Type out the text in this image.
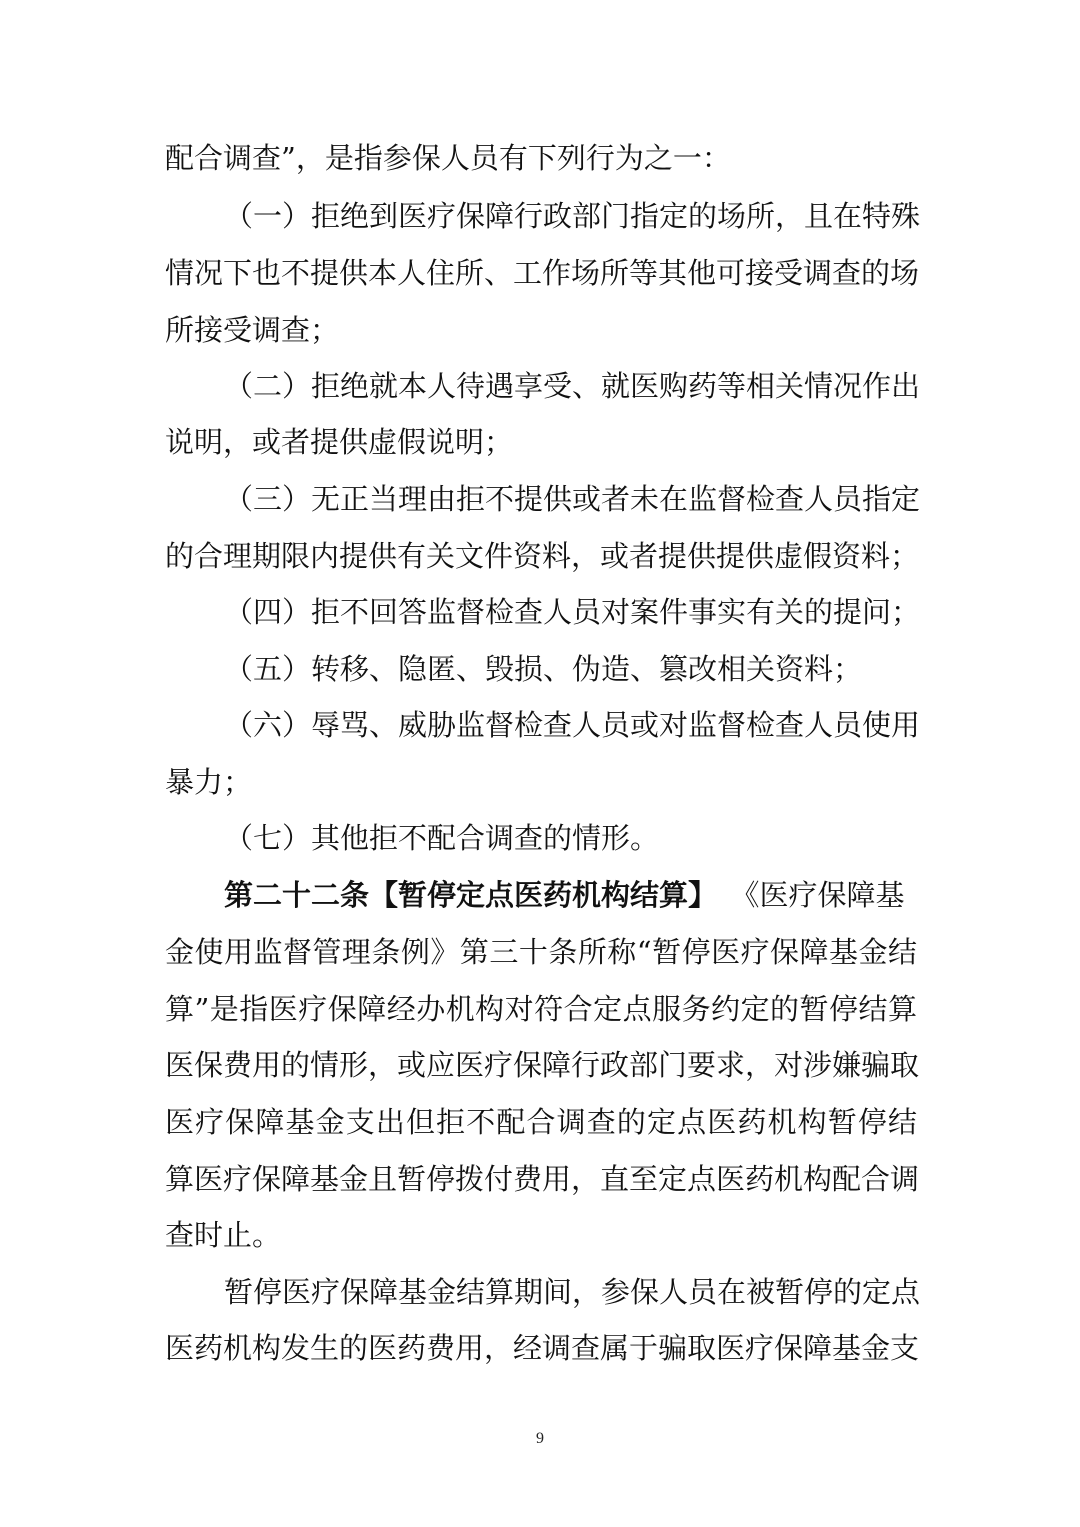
配合调查”，是指参保人员有下列行为之一：
（一）拒绝到医疗保障行政部门指定的场所，且在特殊
情况下也不提供本人住所、工作场所等其他可接受调查的场
所接受调查；
（二）拒绝就本人待遇享受、就医购药等相关情况作出
说明，或者提供虚假说明；
（三）无正当理由拒不提供或者未在监督检查人员指定
的合理期限内提供有关文件资料，或者提供提供虚假资料；
（四）拒不回答监督检查人员对案件事实有关的提问；
（五）转移、隐匿、毁损、伪造、篡改相关资料；
（六）辱骂、威胁监督检查人员或对监督检查人员使用
暴力；
（七）其他拒不配合调查的情形。
第二十二条【暂停定点医药机构结算】 《医疗保障基
金使用监督管理条例》第三十条所称“暂停医疗保障基金结
算”是指医疗保障经办机构对符合定点服务约定的暂停结算
医保费用的情形，或应医疗保障行政部门要求，对涉嫌骗取
医疗保障基金支出但拒不配合调查的定点医药机构暂停结
算医疗保障基金且暂停拨付费用，直至定点医药机构配合调
查时止。
暂停医疗保障基金结算期间，参保人员在被暂停的定点
医药机构发生的医药费用，经调查属于骗取医疗保障基金支
9
